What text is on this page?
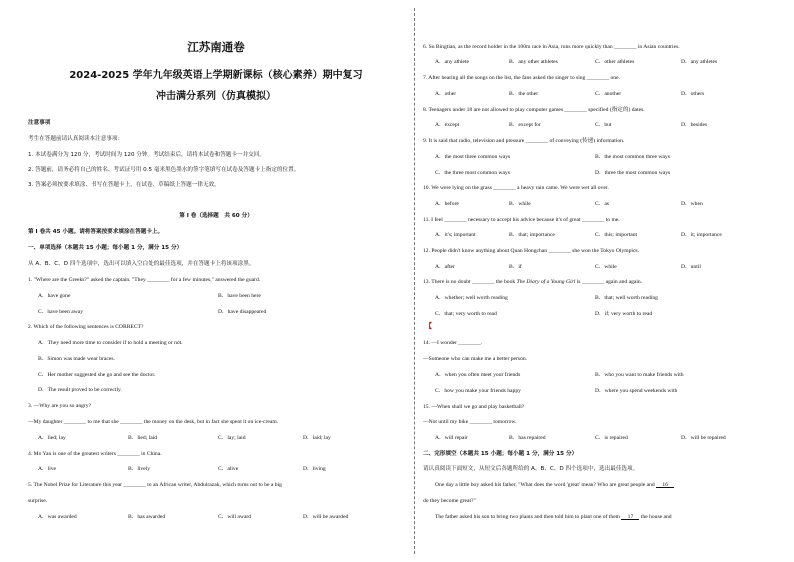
江苏南通卷
2024-2025 学年九年级英语上学期新课标（核心素养）期中复习
冲击满分系列（仿真模拟）
注意事项
考生在答题前请认真阅读本注意事项：
1. 本试卷满分为 120 分，考试时间为 120 分钟。考试结束后，请将本试卷和答题卡一并交回。
2. 答题前，请务必将自己的姓名、考试证号用 0.5 毫米黑色墨水的签字笔填写在试卷及答题卡上指定的位置。
3. 答案必须按要求填涂、书写在答题卡上，在试卷、草稿纸上答题一律无效。
第 I 卷（选择题　共 60 分）
第 I 卷共 45 小题。请将答案按要求填涂在答题卡上。
一、单项选择（本题共 15 小题；每小题 1 分，满分 15 分）
从 A、B、C、D 四个选项中，选出可以填入空白处的最佳选项，并在答题卡上将该项涂黑。
1. "Where are the Greeks?" asked the captain. "They ________ for a few minutes," answered the guard.
A．have gone	B．have been here
C．have been away	D．have disappeared
2. Which of the following sentences is CORRECT?
A．They need more time to consider if to hold a meeting or not.
B．Simon was made wear braces.
C．Her mother suggested she go and see the doctor.
D．The result proved to be correctly.
3. —Why are you so angry?
—My daughter ________ to me that she ________ the money on the desk, but in fact she spent it on ice-cream.
A．lied; lay	B．lied; laid	C．lay; laid	D．laid; lay
4. Mo Yan is one of the greatest writers ________ in China.
A．live	B．lively	C．alive	D．living
5. The Nobel Prize for Literature this year ________ to an African writer, Abdulrazak, which turns out to be a big
surprise.
A．was awarded	B．has awarded	C．will award	D．will be awarded
6. Su Bingtian, as the record holder in the 100m race in Asia, runs more quickly than ________ in Asian countries.
A．any athlete	B．any other athletes	C．other athletes	D．any athletes
7. After hearing all the songs on the list, the fans asked the singer to sing ________ one.
A．other	B．the other	C．another	D．others
8. Teenagers under 18 are not allowed to play computer games ________ specified (指定的) dates.
A．except	B．except for	C．but	D．besides
9. It is said that radio, television and pressure ________ of conveying (传递) information.
A．the most three common ways	B．the most common three ways
C．the three most common ways	D．three the most common ways
10. We were lying on the grass ________ a heavy rain came. We were wet all over.
A．before	B．while	C．as	D．when
11. I feel ________ necessary to accept his advice because it's of great ________ to me.
A．it's; important	B．that; importance	C．this; important	D．it; importance
12. People didn't know anything about Quan Hongchan ________ she won the Tokyo Olympics.
A．after	B．if	C．while	D．until
13. There is no doubt ________ the book The Diary of a Young Girl is ________ again and again.
A．whether; well worth reading	B．that; well worth reading
C．that; very worth to read	D．if; very worth to read
【
14. —I wonder ________.
—Someone who can make me a better person.
A．when you often meet your friends	B．who you want to make friends with
C．how you make your friends happy	D．where you spend weekends with
15. —When shall we go and play basketball?
—Not until my bike ________ tomorrow.
A．will repair	B．has repaired	C．is repaired	D．will be repaired
二、完形填空（本题共 15 小题；每小题 1 分，满分 15 分）
请认真阅读下面短文，从短文后各题所给的 A、B、C、D 四个选项中，选出最佳选项。
One day a little boy asked his father, "What does the word 'great' mean? Who are great people and 16
do they become great?"
The father asked his son to bring two plants and then told him to plant one of them 17 the house and
